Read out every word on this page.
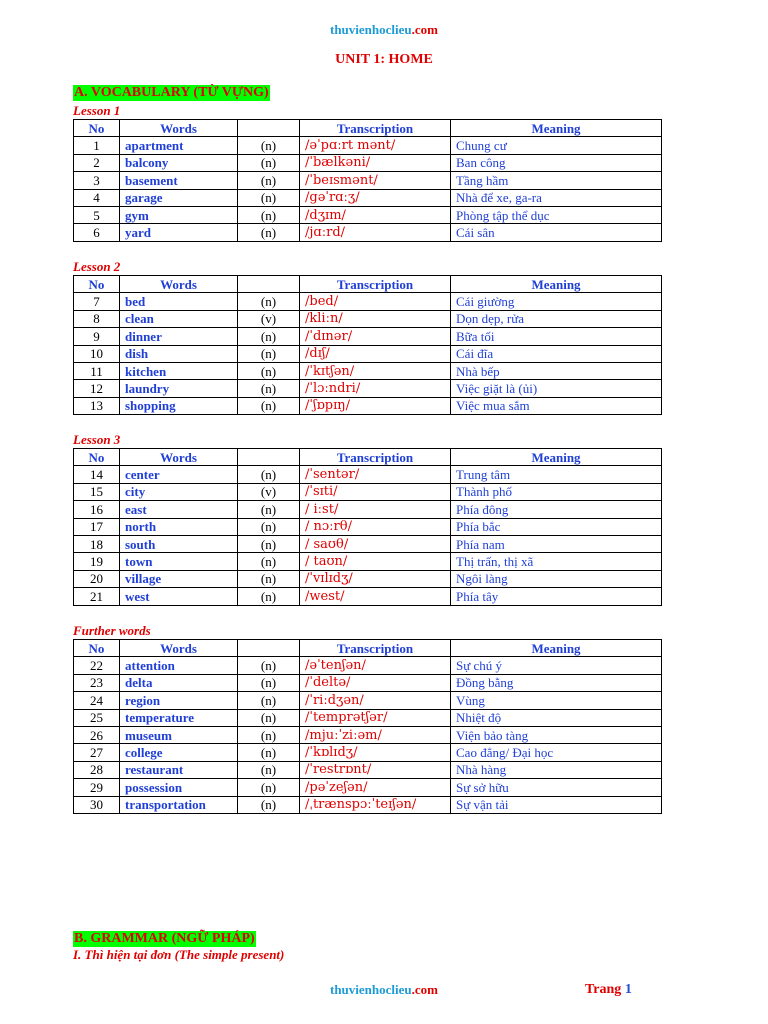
thuvienhoclieu.com
UNIT 1: HOME
A. VOCABULARY (TỪ VỰNG)
Lesson 1
No	Words		Transcription	Meaning
1	apartment	(n)	/əˈpɑːrt mənt/	Chung cư
2	balcony	(n)	/ˈbælkəni/	Ban công
3	basement	(n)	/ˈbeɪsmənt/	Tầng hầm
4	garage	(n)	/gəˈrɑːʒ/	Nhà để xe, ga-ra
5	gym	(n)	/dʒɪm/	Phòng tập thể dục
6	yard	(n)	/jɑːrd/	Cái sân
Lesson 2
No	Words		Transcription	Meaning
7	bed	(n)	/bed/	Cái giường
8	clean	(v)	/kliːn/	Dọn dẹp, rửa
9	dinner	(n)	/ˈdɪnər/	Bữa tối
10	dish	(n)	/dɪʃ/	Cái đĩa
11	kitchen	(n)	/ˈkɪtʃən/	Nhà bếp
12	laundry	(n)	/ˈlɔːndri/	Việc giặt là (ủi)
13	shopping	(n)	/ˈʃɒpɪŋ/	Việc mua sắm
Lesson 3
No	Words		Transcription	Meaning
14	center	(n)	/ˈsentər/	Trung tâm
15	city	(v)	/ˈsɪti/	Thành phố
16	east	(n)	/ iːst/	Phía đông
17	north	(n)	/ nɔːrθ/	Phía bắc
18	south	(n)	/ saʊθ/	Phía nam
19	town	(n)	/ taʊn/	Thị trấn, thị xã
20	village	(n)	/ˈvɪlɪdʒ/	Ngôi làng
21	west	(n)	/west/	Phía tây
Further words
No	Words		Transcription	Meaning
22	attention	(n)	/əˈtenʃən/	Sự chú ý
23	delta	(n)	/ˈdeltə/	Đồng bằng
24	region	(n)	/ˈriːdʒən/	Vùng
25	temperature	(n)	/ˈtemprətʃər/	Nhiệt độ
26	museum	(n)	/mjuːˈziːəm/	Viện bảo tàng
27	college	(n)	/ˈkɒlɪdʒ/	Cao đẳng/ Đại học
28	restaurant	(n)	/ˈrestrɒnt/	Nhà hàng
29	possession	(n)	/pəˈzeʃən/	Sự sở hữu
30	transportation	(n)	/ˌtrænspɔːˈteɪʃən/	Sự vận tải
B. GRAMMAR (NGỮ PHÁP)
I. Thì hiện tại đơn (The simple present)
thuvienhoclieu.com	Trang 1
